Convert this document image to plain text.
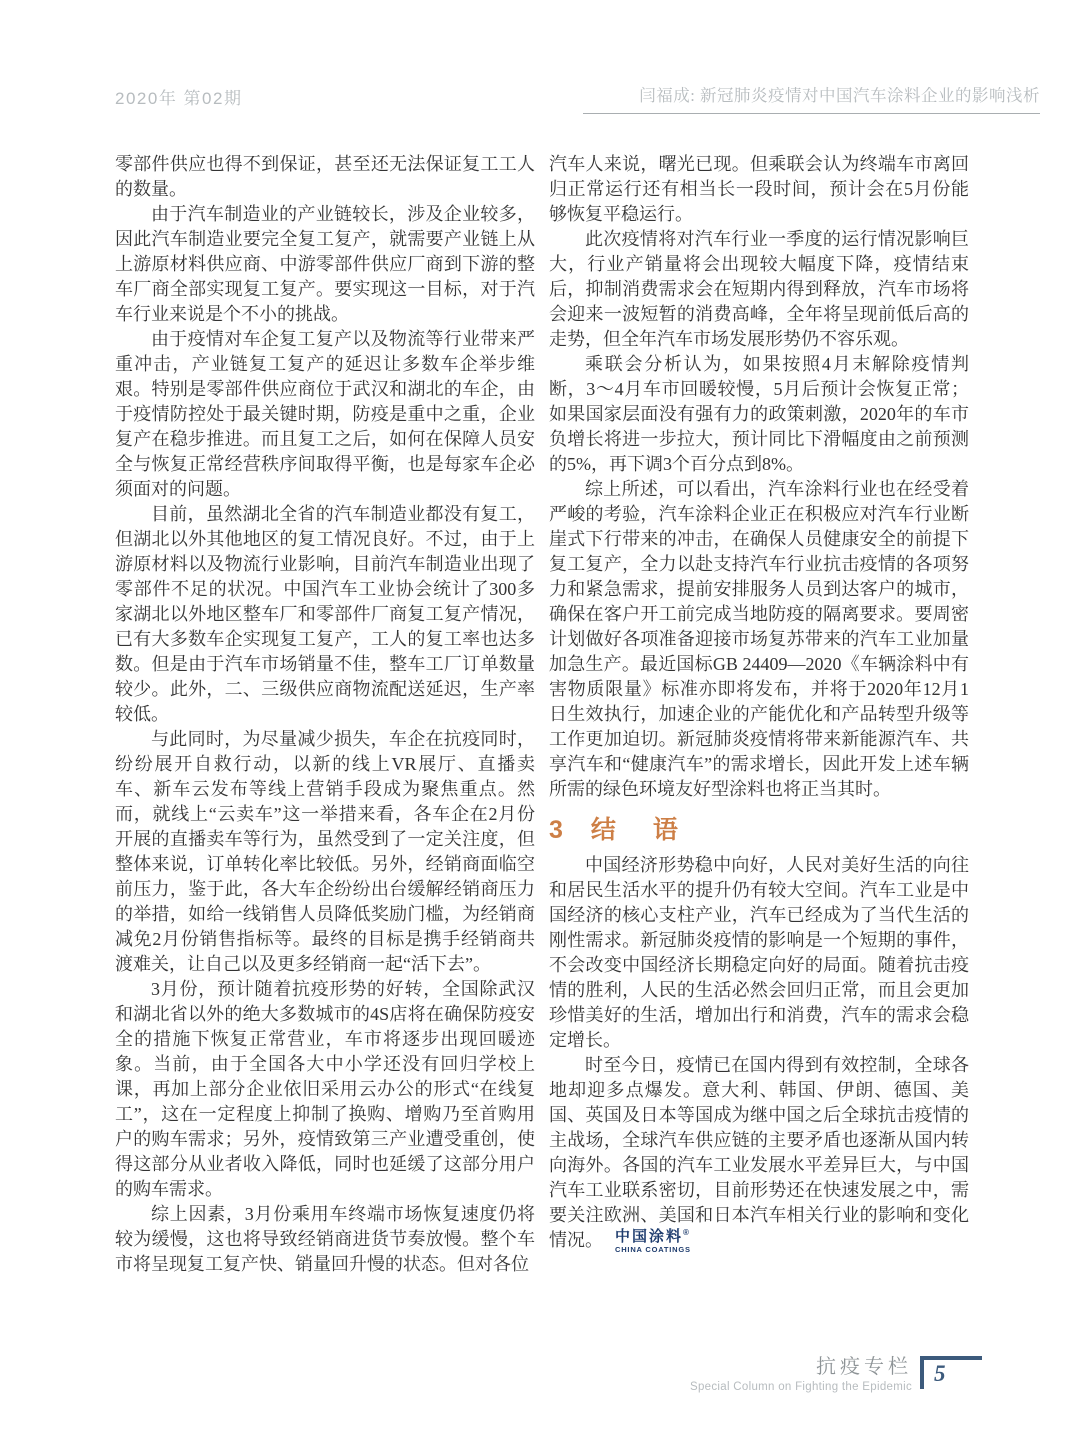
2020年 第02期	闫福成: 新冠肺炎疫情对中国汽车涂料企业的影响浅析

零部件供应也得不到保证，甚至还无法保证复工工人的数量。

由于汽车制造业的产业链较长，涉及企业较多，因此汽车制造业要完全复工复产，就需要产业链上从上游原材料供应商、中游零部件供应厂商到下游的整车厂商全部实现复工复产。要实现这一目标，对于汽车行业来说是个不小的挑战。

由于疫情对车企复工复产以及物流等行业带来严重冲击，产业链复工复产的延迟让多数车企举步维艰。特别是零部件供应商位于武汉和湖北的车企，由于疫情防控处于最关键时期，防疫是重中之重，企业复产在稳步推进。而且复工之后，如何在保障人员安全与恢复正常经营秩序间取得平衡，也是每家车企必须面对的问题。

目前，虽然湖北全省的汽车制造业都没有复工，但湖北以外其他地区的复工情况良好。不过，由于上游原材料以及物流行业影响，目前汽车制造业出现了零部件不足的状况。中国汽车工业协会统计了300多家湖北以外地区整车厂和零部件厂商复工复产情况，已有大多数车企实现复工复产，工人的复工率也达多数。但是由于汽车市场销量不佳，整车工厂订单数量较少。此外，二、三级供应商物流配送延迟，生产率较低。

与此同时，为尽量减少损失，车企在抗疫同时，纷纷展开自救行动，以新的线上VR展厅、直播卖车、新车云发布等线上营销手段成为聚焦重点。然而，就线上“云卖车”这一举措来看，各车企在2月份开展的直播卖车等行为，虽然受到了一定关注度，但整体来说，订单转化率比较低。另外，经销商面临空前压力，鉴于此，各大车企纷纷出台缓解经销商压力的举措，如给一线销售人员降低奖励门槛，为经销商减免2月份销售指标等。最终的目标是携手经销商共渡难关，让自己以及更多经销商一起“活下去”。

3月份，预计随着抗疫形势的好转，全国除武汉和湖北省以外的绝大多数城市的4S店将在确保防疫安全的措施下恢复正常营业，车市将逐步出现回暖迹象。当前，由于全国各大中小学还没有回归学校上课，再加上部分企业依旧采用云办公的形式“在线复工”，这在一定程度上抑制了换购、增购乃至首购用户的购车需求；另外，疫情致第三产业遭受重创，使得这部分从业者收入降低，同时也延缓了这部分用户的购车需求。

综上因素，3月份乘用车终端市场恢复速度仍将较为缓慢，这也将导致经销商进货节奏放慢。整个车市将呈现复工复产快、销量回升慢的状态。但对各位

汽车人来说，曙光已现。但乘联会认为终端车市离回归正常运行还有相当长一段时间，预计会在5月份能够恢复平稳运行。

此次疫情将对汽车行业一季度的运行情况影响巨大，行业产销量将会出现较大幅度下降，疫情结束后，抑制消费需求会在短期内得到释放，汽车市场将会迎来一波短暂的消费高峰，全年将呈现前低后高的走势，但全年汽车市场发展形势仍不容乐观。

乘联会分析认为，如果按照4月末解除疫情判断，3～4月车市回暖较慢，5月后预计会恢复正常；如果国家层面没有强有力的政策刺激，2020年的车市负增长将进一步拉大，预计同比下滑幅度由之前预测的5%，再下调3个百分点到8%。

综上所述，可以看出，汽车涂料行业也在经受着严峻的考验，汽车涂料企业正在积极应对汽车行业断崖式下行带来的冲击，在确保人员健康安全的前提下复工复产，全力以赴支持汽车行业抗击疫情的各项努力和紧急需求，提前安排服务人员到达客户的城市，确保在客户开工前完成当地防疫的隔离要求。要周密计划做好各项准备迎接市场复苏带来的汽车工业加量加急生产。最近国标GB 24409—2020《车辆涂料中有害物质限量》标准亦即将发布，并将于2020年12月1日生效执行，加速企业的产能优化和产品转型升级等工作更加迫切。新冠肺炎疫情将带来新能源汽车、共享汽车和“健康汽车”的需求增长，因此开发上述车辆所需的绿色环境友好型涂料也将正当其时。

3 结　语

中国经济形势稳中向好，人民对美好生活的向往和居民生活水平的提升仍有较大空间。汽车工业是中国经济的核心支柱产业，汽车已经成为了当代生活的刚性需求。新冠肺炎疫情的影响是一个短期的事件，不会改变中国经济长期稳定向好的局面。随着抗击疫情的胜利，人民的生活必然会回归正常，而且会更加珍惜美好的生活，增加出行和消费，汽车的需求会稳定增长。

时至今日，疫情已在国内得到有效控制，全球各地却迎多点爆发。意大利、韩国、伊朗、德国、美国、英国及日本等国成为继中国之后全球抗击疫情的主战场，全球汽车供应链的主要矛盾也逐渐从国内转向海外。各国的汽车工业发展水平差异巨大，与中国汽车工业联系密切，目前形势还在快速发展之中，需要关注欧洲、美国和日本汽车相关行业的影响和变化情况。 中国涂料®
CHINA COATINGS

抗疫专栏
Special Column on Fighting the Epidemic
5
